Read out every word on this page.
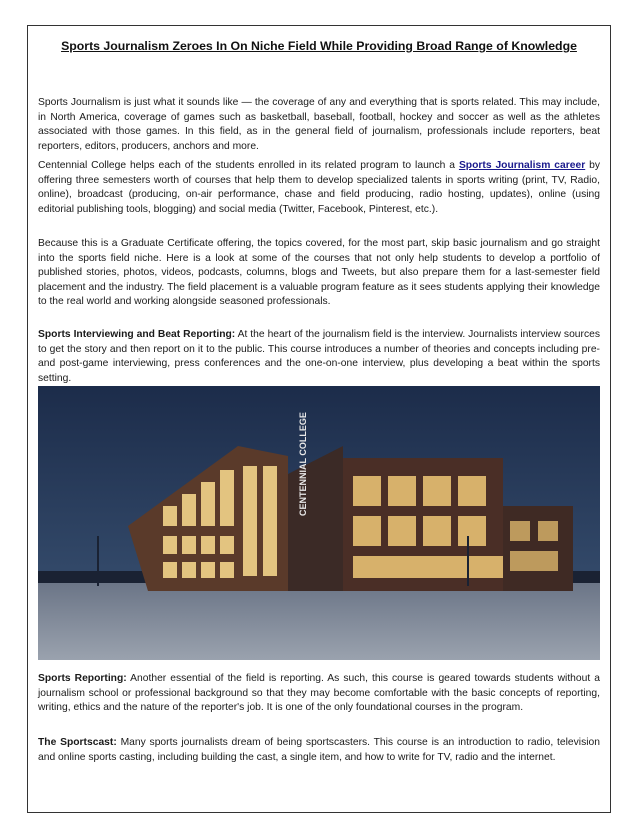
Sports Journalism Zeroes In On Niche Field While Providing Broad Range of Knowledge

Sports Journalism is just what it sounds like — the coverage of any and everything that is sports related. This may include, in North America, coverage of games such as basketball, baseball, football, hockey and soccer as well as the athletes associated with those games. In this field, as in the general field of journalism, professionals include reporters, beat reporters, editors, producers, anchors and more.

Centennial College helps each of the students enrolled in its related program to launch a Sports Journalism career by offering three semesters worth of courses that help them to develop specialized talents in sports writing (print, TV, Radio, online), broadcast (producing, on-air performance, chase and field producing, radio hosting, updates), online (using editorial publishing tools, blogging) and social media (Twitter, Facebook, Pinterest, etc.).

Because this is a Graduate Certificate offering, the topics covered, for the most part, skip basic journalism and go straight into the sports field niche. Here is a look at some of the courses that not only help students to develop a portfolio of published stories, photos, videos, podcasts, columns, blogs and Tweets, but also prepare them for a last-semester field placement and the industry. The field placement is a valuable program feature as it sees students applying their knowledge to the real world and working alongside seasoned professionals.

Sports Interviewing and Beat Reporting: At the heart of the journalism field is the interview. Journalists interview sources to get the story and then report on it to the public. This course introduces a number of theories and concepts including pre- and post-game interviewing, press conferences and the one-on-one interview, plus developing a beat within the sports setting.

CENTENNIAL COLLEGE

Sports Reporting: Another essential of the field is reporting. As such, this course is geared towards students without a journalism school or professional background so that they may become comfortable with the basic concepts of reporting, writing, ethics and the nature of the reporter's job. It is one of the only foundational courses in the program.

The Sportscast: Many sports journalists dream of being sportscasters. This course is an introduction to radio, television and online sports casting, including building the cast, a single item, and how to write for TV, radio and the internet.
